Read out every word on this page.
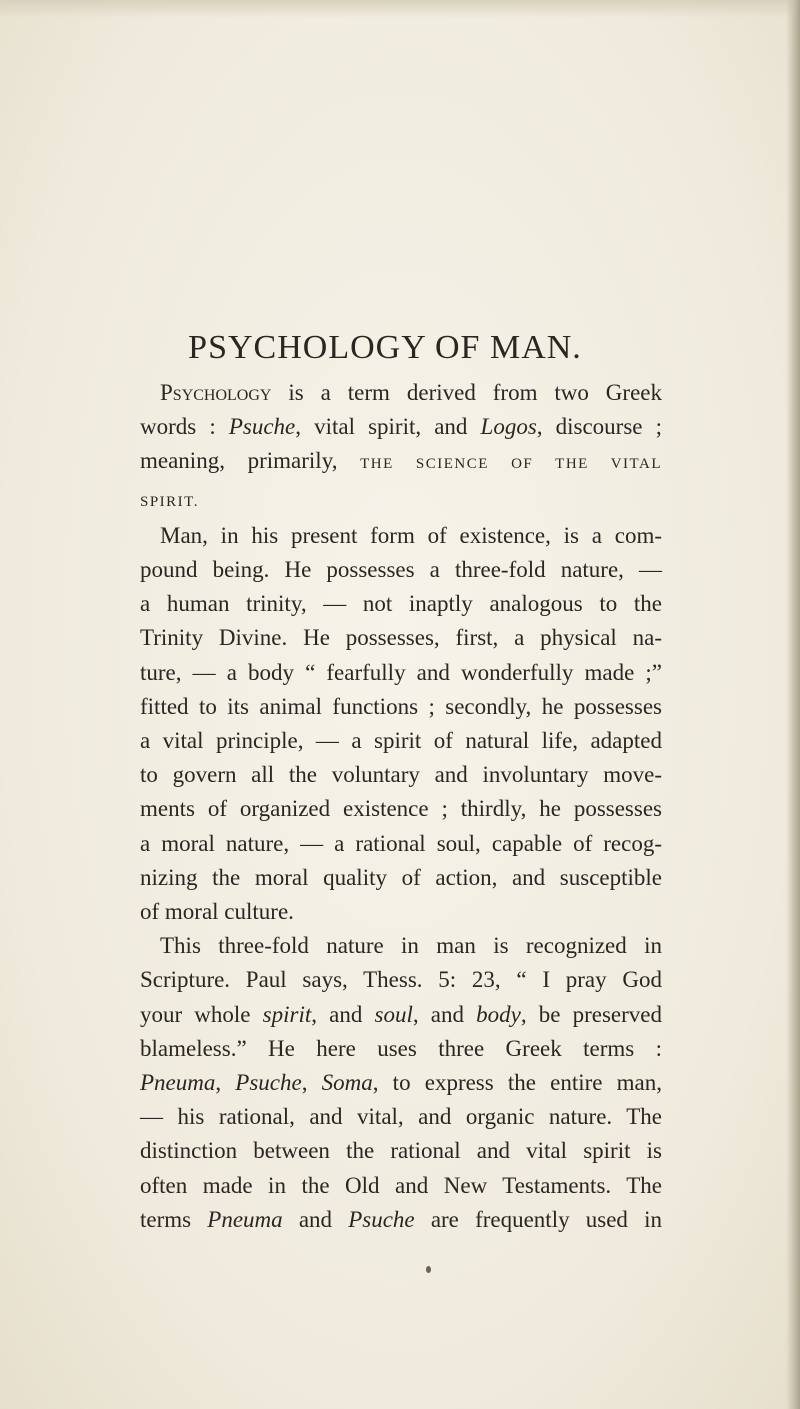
PSYCHOLOGY OF MAN.
Psychology is a term derived from two Greek
words : Psuche, vital spirit, and Logos, discourse ;
meaning, primarily, THE SCIENCE OF THE VITAL
SPIRIT.
Man, in his present form of existence, is a com-
pound being. He possesses a three-fold nature, —
a human trinity, — not inaptly analogous to the
Trinity Divine. He possesses, first, a physical na-
ture, — a body “ fearfully and wonderfully made ;”
fitted to its animal functions ; secondly, he possesses
a vital principle, — a spirit of natural life, adapted
to govern all the voluntary and involuntary move-
ments of organized existence ; thirdly, he possesses
a moral nature, — a rational soul, capable of recog-
nizing the moral quality of action, and susceptible
of moral culture.
This three-fold nature in man is recognized in
Scripture. Paul says, Thess. 5: 23, “ I pray God
your whole spirit, and soul, and body, be preserved
blameless.” He here uses three Greek terms :
Pneuma, Psuche, Soma, to express the entire man,
— his rational, and vital, and organic nature. The
distinction between the rational and vital spirit is
often made in the Old and New Testaments. The
terms Pneuma and Psuche are frequently used in
